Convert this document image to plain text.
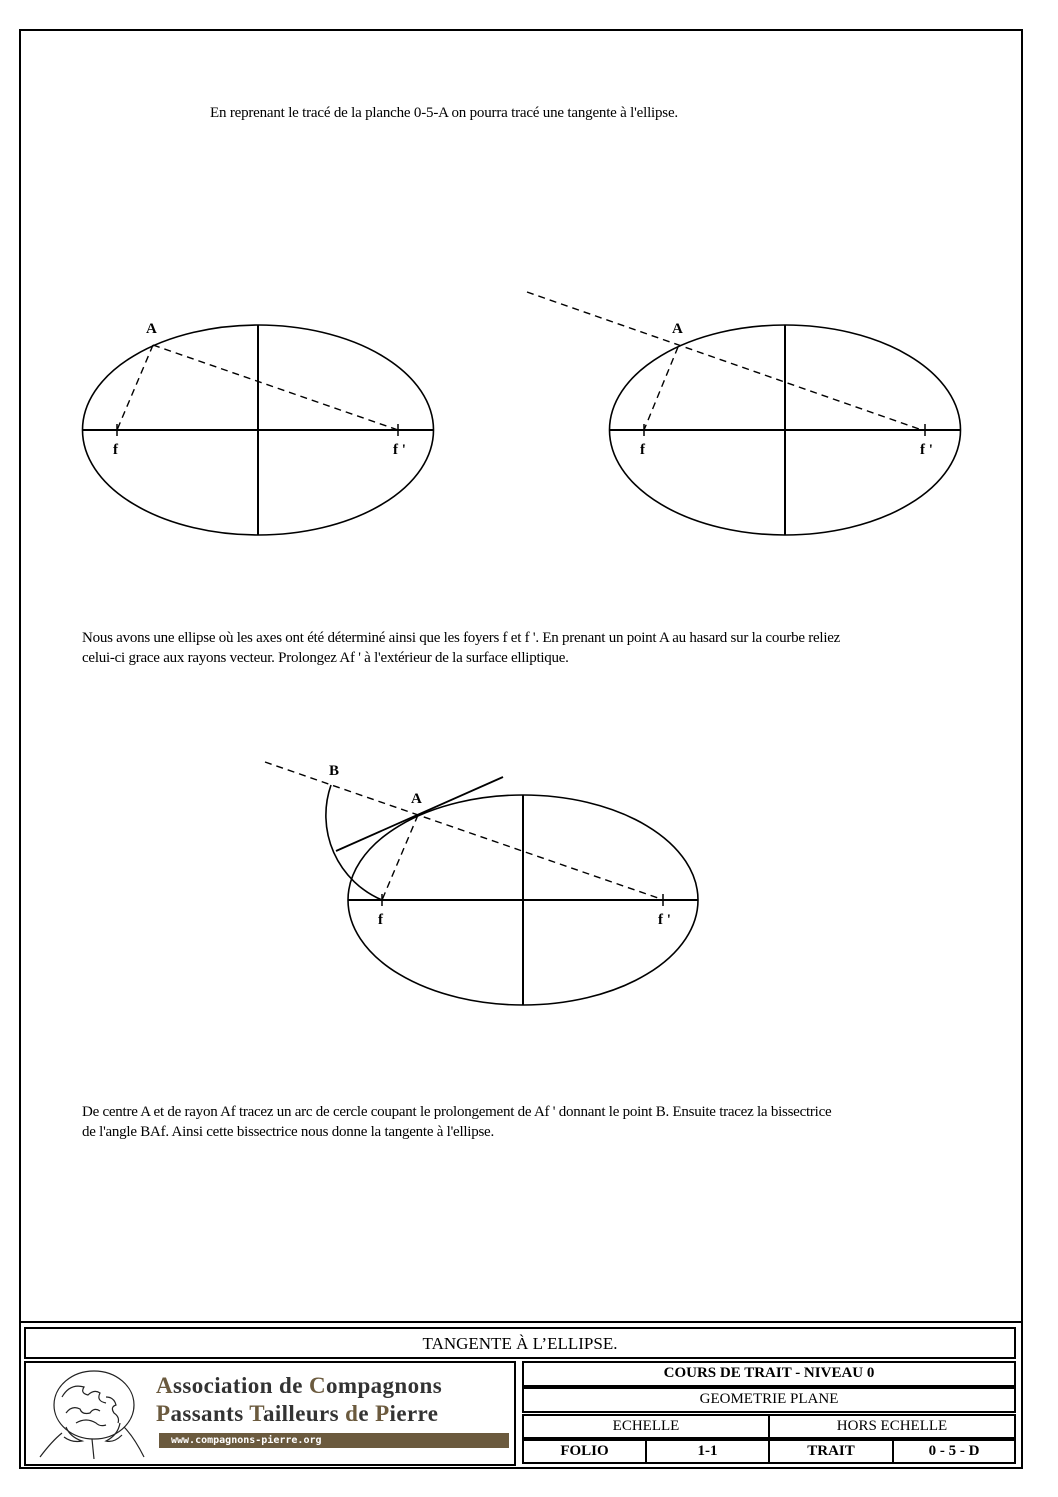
En reprenant le tracé de la planche 0-5-A on pourra tracé une tangente à l'ellipse.
A
f	f '
A
f	f '
B
A
f	f '
Nous avons une ellipse où les axes ont été déterminé ainsi que les foyers f et f '. En prenant un point A au hasard sur la courbe reliez
celui-ci grace aux rayons vecteur. Prolongez Af ' à l'extérieur de la surface elliptique.
De centre A et de rayon Af tracez un arc de cercle coupant le prolongement de Af ' donnant le point B. Ensuite tracez la bissectrice
de l'angle BAf. Ainsi cette bissectrice nous donne la tangente à l'ellipse.
TANGENTE À L’ELLIPSE.
Association de Compagnons
Passants Tailleurs de Pierre
www.compagnons-pierre.org
COURS DE TRAIT - NIVEAU 0
GEOMETRIE PLANE
ECHELLE	HORS ECHELLE
FOLIO	1-1	TRAIT	0 - 5 - D
